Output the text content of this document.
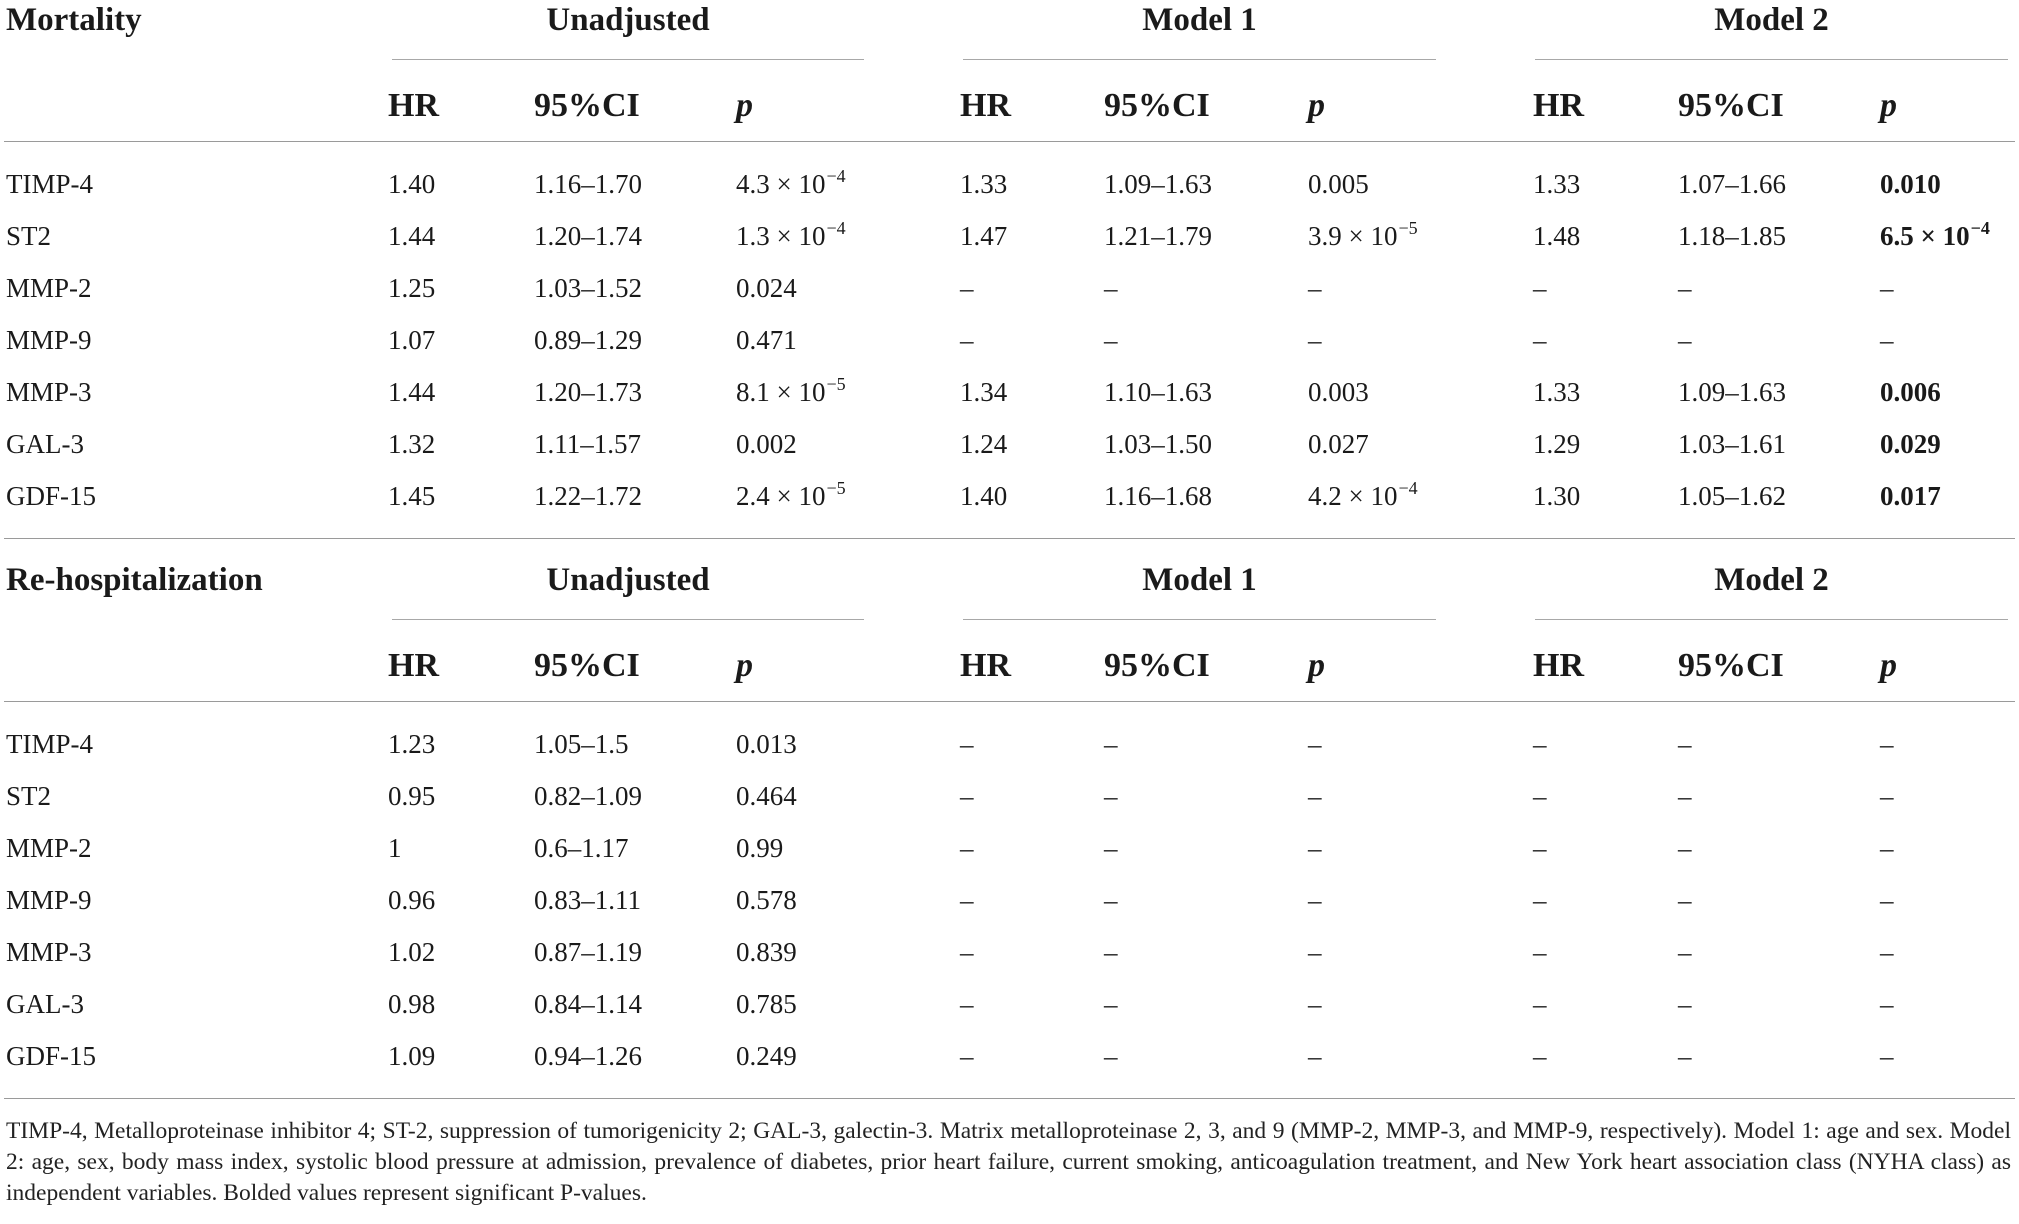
Mortality	Unadjusted	Model 1	Model 2
HR	95%CI	p	HR	95%CI	p	HR	95%CI	p
TIMP-4	1.40	1.16–1.70	$4.3 \times 10^{-4}$	1.33	1.09–1.63	0.005	1.33	1.07–1.66	0.010
ST2	1.44	1.20–1.74	$1.3 \times 10^{-4}$	1.47	1.21–1.79	$3.9 \times 10^{-5}$	1.48	1.18–1.85	$6.5 \times 10^{-4}$
MMP-2	1.25	1.03–1.52	0.024	–	–	–	–	–	–
MMP-9	1.07	0.89–1.29	0.471	–	–	–	–	–	–
MMP-3	1.44	1.20–1.73	$8.1 \times 10^{-5}$	1.34	1.10–1.63	0.003	1.33	1.09–1.63	0.006
GAL-3	1.32	1.11–1.57	0.002	1.24	1.03–1.50	0.027	1.29	1.03–1.61	0.029
GDF-15	1.45	1.22–1.72	$2.4 \times 10^{-5}$	1.40	1.16–1.68	$4.2 \times 10^{-4}$	1.30	1.05–1.62	0.017
Re-hospitalization	Unadjusted	Model 1	Model 2
HR	95%CI	p	HR	95%CI	p	HR	95%CI	p
TIMP-4	1.23	1.05–1.5	0.013	–	–	–	–	–	–
ST2	0.95	0.82–1.09	0.464	–	–	–	–	–	–
MMP-2	1	0.6–1.17	0.99	–	–	–	–	–	–
MMP-9	0.96	0.83–1.11	0.578	–	–	–	–	–	–
MMP-3	1.02	0.87–1.19	0.839	–	–	–	–	–	–
GAL-3	0.98	0.84–1.14	0.785	–	–	–	–	–	–
GDF-15	1.09	0.94–1.26	0.249	–	–	–	–	–	–

TIMP-4, Metalloproteinase inhibitor 4; ST-2, suppression of tumorigenicity 2; GAL-3, galectin-3. Matrix metalloproteinase 2, 3, and 9 (MMP-2, MMP-3, and MMP-9, respectively). Model 1: age and sex. Model 2: age, sex, body mass index, systolic blood pressure at admission, prevalence of diabetes, prior heart failure, current smoking, anticoagulation treatment, and New York heart association class (NYHA class) as independent variables. Bolded values represent significant P-values.
